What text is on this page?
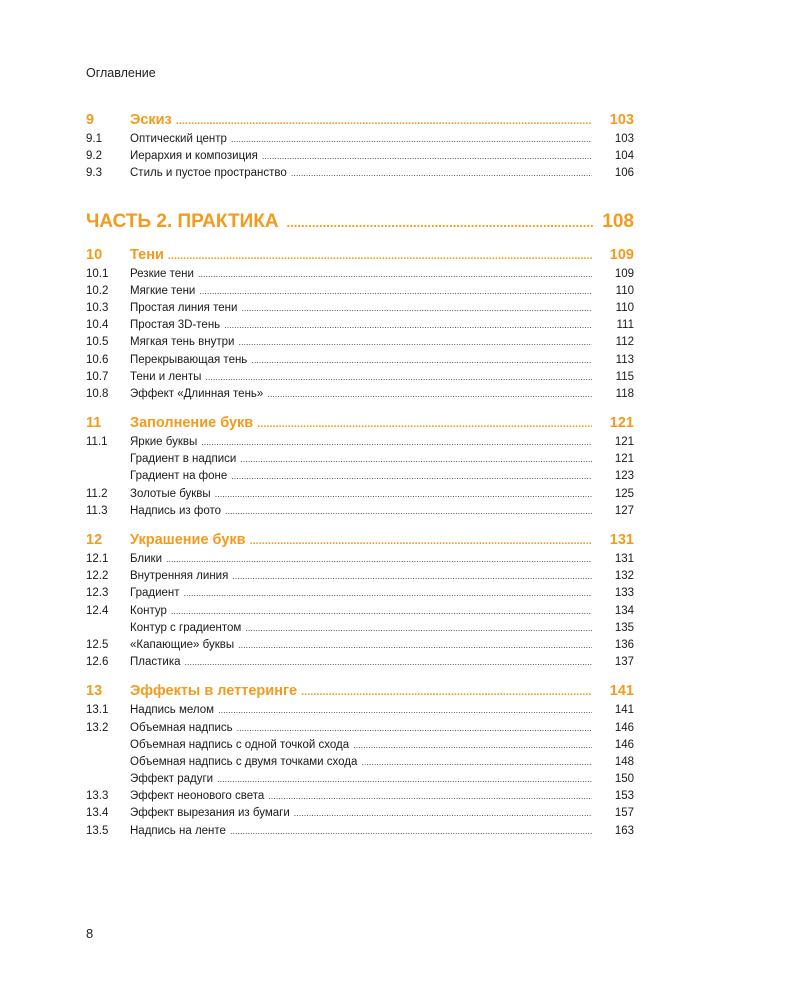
Оглавление
9	Эскиз .....	103
9.1	Оптический центр .....	103
9.2	Иерархия и композиция .....	104
9.3	Стиль и пустое пространство .....	106
ЧАСТЬ 2. ПРАКТИКА .....	108
10	Тени .....	109
10.1	Резкие тени .....	109
10.2	Мягкие тени .....	110
10.3	Простая линия тени .....	110
10.4	Простая 3D-тень .....	111
10.5	Мягкая тень внутри .....	112
10.6	Перекрывающая тень .....	113
10.7	Тени и ленты .....	115
10.8	Эффект «Длинная тень» .....	118
11	Заполнение букв .....	121
11.1	Яркие буквы .....	121
Градиент в надписи .....	121
Градиент на фоне .....	123
11.2	Золотые буквы .....	125
11.3	Надпись из фото .....	127
12	Украшение букв .....	131
12.1	Блики .....	131
12.2	Внутренняя линия .....	132
12.3	Градиент .....	133
12.4	Контур .....	134
Контур с градиентом .....	135
12.5	«Капающие» буквы .....	136
12.6	Пластика .....	137
13	Эффекты в леттеринге .....	141
13.1	Надпись мелом .....	141
13.2	Объемная надпись .....	146
Объемная надпись с одной точкой схода .....	146
Объемная надпись с двумя точками схода .....	148
Эффект радуги .....	150
13.3	Эффект неонового света .....	153
13.4	Эффект вырезания из бумаги .....	157
13.5	Надпись на ленте .....	163
8
